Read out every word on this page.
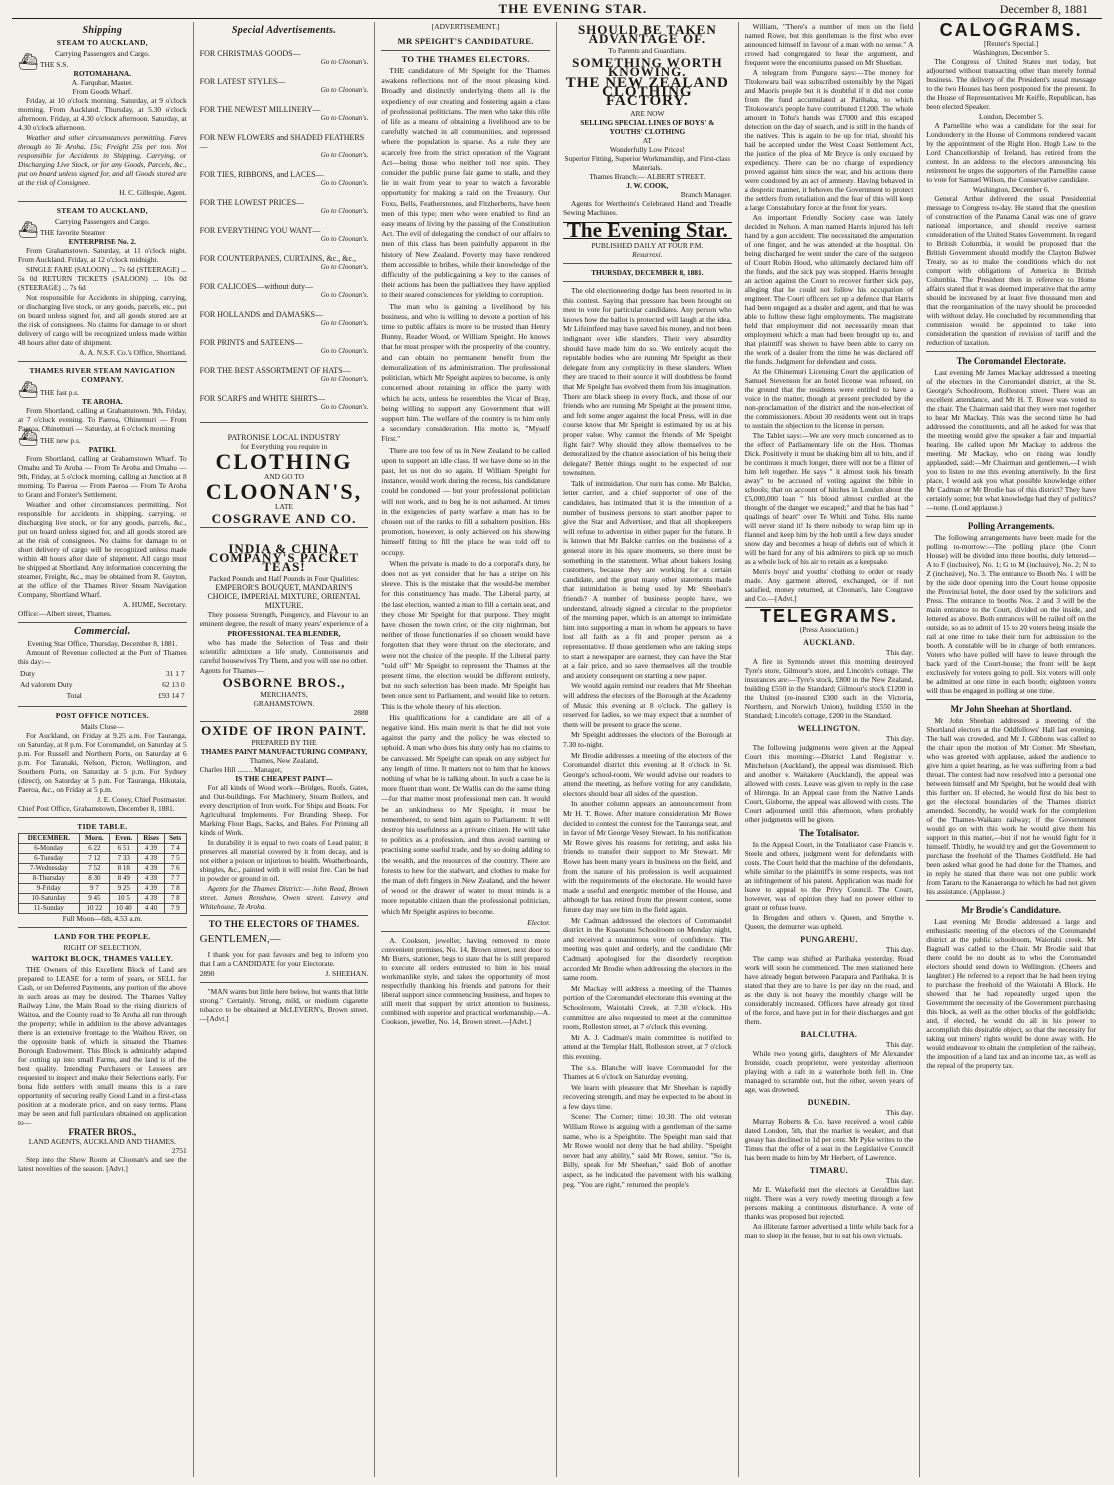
THE EVENING STAR.	December 8, 1881
Shipping
STEAM TO AUCKLAND,
Carrying Passengers and Cargo.
⛴ THE S.S.
ROTOMAHANA.
A. Farquhar, Master.
From Goods Wharf.
Friday, at 10 o'clock morning. Saturday, at 9 o'clock morning. From Auckland. Thursday, at 5.30 o'clock afternoon. Friday, at 4.30 o'clock afternoon. Saturday, at 4.30 o'clock afternoon.
Weather and other circumstances permitting. Fares through to Te Aroha, 15s; Freight 25s per ton. Not responsible for Accidents in Shipping, Carrying, or Discharging Live Stock, or for any Goods, Parcels, &c., put on board unless signed for, and all Goods stored are at the risk of Consignee.
H. C. Gillespie, Agent.
STEAM TO AUCKLAND,
Carrying Passengers and Cargo.
⛴ THE favorite Steamer
ENTERPRISE No. 2.
From Grahamstown. Saturday, at 11 o'clock night. From Auckland. Friday, at 12 o'clock midnight.
SINGLE FARE (SALOON) ... 7s 6d (STEERAGE) ... 5s 0d RETURN TICKETS (SALOON) ... 10s 0d (STEERAGE) ... 7s 6d
Not responsible for Accidents in shipping, carrying, or discharging live stock, or any goods, parcels, etc., put on board unless signed for, and all goods stored are at the risk of consignees. No claims for damage to or short delivery of cargo will be recognized unless made within 48 hours after date of shipment.
A. A. N.S.F. Co.'s Office, Shortland.
THAMES RIVER STEAM NAVIGATION COMPANY.
⛴ THE fast p.s.
TE AROHA.
From Shortland, calling at Grahamstown. 9th, Friday, at 7 o'clock evening. To Paeroa, Ohinemuri — From Paeroa, Ohinemuri — Saturday, at 6 o'clock morning
⛴ THE new p.s.
PATIKI.
From Shortland, calling at Grahamstown Wharf. To Omahu and Te Aroha — From Te Aroha and Omahu — 9th, Friday, at 5 o'clock morning, calling at Junction at 8 morning. To Paeroa — From Paeroa — From Te Aroha to Grant and Forster's Settlement.
Weather and other circumstances permitting. Not responsible for accidents in shipping, carrying, or discharging live stock, or for any goods, parcels, &c., put on board unless signed for, and all goods stored are at the risk of consignees. No claims for damage to or short delivery of cargo will be recognized unless made within 48 hours after date of shipment. All cargo must be shipped at Shortland. Any information concerning the steamer, Freight, &c., may be obtained from R. Guyton, at the office of the Thames River Steam Navigation Company, Shortland Wharf.
A. HUME, Secretary.
Office:—Albert street, Thames.
Commercial.
Evening Star Office, Thursday, December 8, 1881.
Amount of Revenue collected at the Port of Thames this day:—
Duty	31 1 7
Ad valorem Duty	62 13 0
Total	£93 14 7
POST OFFICE NOTICES.
Mails Close—
For Auckland, on Friday at 9.25 a.m. For Tauranga, on Saturday, at 8 p.m. For Coromandel, on Saturday at 5 p.m. For Russell and Northern Ports, on Saturday at 6 p.m. For Taranaki, Nelson, Picton, Wellington, and Southern Ports, on Saturday at 5 p.m. For Sydney (direct), on Saturday at 5 p.m. For Tauranga, Hikutaia, Paeroa, &c., on Friday at 5 p.m.
J. E. Coney, Chief Postmaster.
Chief Post Office, Grahamstown, December 8, 1881.
TIDE TABLE.
DECEMBER.	Morn.	Even.	Rises	Sets
6-Monday	6 22	6 51	4 39	7 4
6-Tuesday	7 12	7 33	4 39	7 5
7-Wednesday	7 52	8 18	4 39	7 6
8-Thursday	8 30	8 49	4 39	7 7
9-Friday	9 7	9 25	4 39	7 8
10-Saturday	9 45	10 5	4 39	7 8
11-Sunday	10 22	10 40	4 40	7 9
Full Moon—6th, 4.53 a.m.
LAND FOR THE PEOPLE.
RIGHT OF SELECTION.
WAITOKI BLOCK, THAMES VALLEY.
THE Owners of this Excellent Block of Land are prepared to LEASE for a term of years, or SELL for Cash, or on Deferred Payments, any portion of the above in such areas as may be desired. The Thames Valley Railway Line, the Main Road to the rising districts of Waitoa, and the County road to Te Aroha all run through the property; while in addition to the above advantages there is an extensive frontage to the Waihou River, on the opposite bank of which is situated the Thames Borough Endowment. This Block is admirably adapted for cutting up into small Farms, and the land is of the best quality. Intending Purchasers or Lessees are requested to inspect and make their Selections early. For bona fide settlers with small means this is a rare opportunity of securing really Good Land in a first-class position at a moderate price, and on easy terms. Plans may be seen and full particulars obtained on application to—
FRATER BROS.,
LAND AGENTS, AUCKLAND AND THAMES.
2751
Step into the Show Room at Cloonan's and see the latest novelties of the season. [Advt.]
Special Advertisements.
FOR CHRISTMAS GOODS—
Go to Cloonan's.
FOR LATEST STYLES—
Go to Cloonan's.
FOR THE NEWEST MILLINERY—
Go to Cloonan's.
FOR NEW FLOWERS and SHADED FEATHERS—
Go to Cloonan's.
FOR TIES, RIBBONS, and LACES—
Go to Cloonan's.
FOR THE LOWEST PRICES—
Go to Cloonan's.
FOR EVERYTHING YOU WANT—
Go to Cloonan's.
FOR COUNTERPANES, CURTAINS, &c., &c.,
Go to Cloonan's.
FOR CALICOES—without duty—
Go to Cloonan's.
FOR HOLLANDS and DAMASKS—
Go to Cloonan's.
FOR PRINTS and SATEENS—
Go to Cloonan's.
FOR THE BEST ASSORTMENT OF HATS—
Go to Cloonan's.
FOR SCARFS and WHITE SHIRTS—
Go to Cloonan's.
PATRONISE LOCAL INDUSTRY
for Everything you require in
CLOTHING
AND GO TO
CLOONAN'S,
LATE
COSGRAVE AND CO.
INDIA & CHINA COMPANY'S PACKET TEAS!
Packed Pounds and Half Pounds in Four Qualities:
EMPEROR'S BOUQUET, MANDARIN'S CHOICE, IMPERIAL MIXTURE, ORIENTAL MIXTURE.
They possess Strength, Pungency, and Flavour to an eminent degree, the result of many years' experience of a
PROFESSIONAL TEA BLENDER,
who has made the Selection of Teas and their scientific admixture a life study. Connoisseurs and careful housewives Try Them, and you will use no other.
Agents for Thames—
OSBORNE BROS.,
MERCHANTS,
GRAHAMSTOWN.
2888
OXIDE OF IRON PAINT.
PREPARED BY THE
THAMES PAINT MANUFACTURING COMPANY,
Thames, New Zealand,
Charles Hill ........ Manager,
IS THE CHEAPEST PAINT—
For all kinds of Wood work—Bridges, Roofs, Gates, and Out-buildings. For Machinery, Steam Boilers, and every description of Iron work. For Ships and Boats. For Agricultural Implements. For Branding Sheep. For Marking Flour Bags, Sacks, and Bales. For Priming all kinds of Work.
In durability it is equal to two coats of Lead paint; it preserves all material covered by it from decay, and is not either a poison or injurious to health. Weatherboards, shingles, &c., painted with it will resist fire. Can be had in powder or ground in oil.
Agents for the Thames District:— John Read, Brown street. James Renshaw, Owen street. Lavery and Whitehouse, Te Aroha.
TO THE ELECTORS OF THAMES.
GENTLEMEN,—
I thank you for past favours and beg to inform you that I am a CANDIDATE for your Electorate.
2890	J. SHEEHAN.
"MAN wants but little here below, but wants that little strong." Certainly. Strong, mild, or medium cigarette tobacco to be obtained at McLEVERN's, Brown street.—[Advt.]
[ADVERTISEMENT.]
MR SPEIGHT'S CANDIDATURE.
TO THE THAMES ELECTORS.
THE candidature of Mr Speight for the Thames awakens reflections not of the most pleasing kind. Broadly and distinctly underlying them all is the expediency of our creating and fostering again a class of professional politicians. The men who take this rôle of life as a means of obtaining a livelihood are to be carefully watched in all communities, and repressed where the population is sparse. As a rule they are scarcely free from the strict operation of the Vagrant Act—being those who neither toil nor spin. They consider the public purse fair game to stalk, and they lie in wait from year to year to watch a favorable opportunity for making a raid on the Treasury. Our Foxs, Bells, Featherstones, and Fitzherberts, have been men of this type; men who were enabled to find an easy means of living by the passing of the Constitution Act. The evil of delegating the conduct of our affairs to men of this class has been painfully apparent in the history of New Zealand. Poverty may have rendered them accessible to bribes, while their knowledge of the difficulty of the publicgaining a key to the causes of their actions has been the palliatives they have applied to their seared consciences for yielding to corruption.
The man who is gaining a livelihood by his business, and who is willing to devote a portion of his time to public affairs is more to be trusted than Henry Bunny, Reader Wood, or William Speight. He knows that he must prosper with the prosperity of the country, and can obtain no permanent benefit from the demoralization of its administration. The professional politician, which Mr Speight aspires to become, is only concerned about retaining in office the party with which he acts, unless he resembles the Vicar of Bray, being willing to support any Government that will support him. The welfare of the country is to him only a secondary consideration. His motto is, "Myself First."
There are too few of us in New Zealand to be called upon to support an idle class. If we have done so in the past, let us not do so again. If William Speight for instance, would work during the recess, his candidature could be condoned — but your professional politician will not work, and to beg he is not ashamed. At times in the exigencies of party warfare a man has to be chosen out of the ranks to fill a subaltern position. His promotion, however, is only achieved on his showing himself fitting to fill the place he was told off to occupy.
When the private is made to do a corporal's duty, he does not as yet consider that he has a stripe on his sleeve. This is the mistake that the would-be member for this constituency has made. The Liberal party, at the last election, wanted a man to fill a certain seat, and they chose Mr Speight for that purpose. They might have chosen the town crier, or the city nightman, but neither of those functionaries if so chosen would have forgotten that they were thrust on the electorate, and were not the choice of the people. If the Liberal party "told off" Mr Speight to represent the Thames at the present time, the election would be different entirely, but no such selection has been made. Mr Speight has been once sent to Parliament, and would like to return. This is the whole theory of his election.
His qualifications for a candidate are all of a negative kind. His main merit is that he did not vote against the party and the policy he was elected to uphold. A man who does his duty only has no claims to be canvassed. Mr Speight can speak on any subject for any length of time. It matters not to him that he knows nothing of what he is talking about. In such a case he is more fluent than wont. Dr Wallis can do the same thing—for that matter most professional men can. It would be an unkindness to Mr Speight, it must be remembered, to send him again to Parliament. It will destroy his usefulness as a private citizen. He will take to politics as a profession, and thus avoid earning or practising some useful trade, and by so doing adding to the wealth, and the resources of the country. There are forests to hew for the stalwart, and clothes to make for the man of deft fingers in New Zealand, and the hewer of wood or the drawer of water to most minds is a more reputable citizen than the professional politician, which Mr Speight aspires to become.
Elector.
A. Cookson, jeweller, having removed to more convenient premises, No. 14, Brown street, next door to Mr Burrs, stationer, begs to state that he is still prepared to execute all orders entrusted to him in his usual workmanlike style, and takes the opportunity of most respectfully thanking his friends and patrons for their liberal support since commencing business, and hopes to still merit that support by strict attention to business, combined with superior and practical workmanship.—A. Cookson, jeweller, No. 14, Brown street.—[Advt.]
SHOULD BE TAKEN ADVANTAGE OF.
To Parents and Guardians.
SOMETHING WORTH KNOWING.
THE NEW ZEALAND CLOTHING FACTORY.
ARE NOW
SELLING SPECIAL LINES OF BOYS' & YOUTHS' CLOTHING
AT
Wonderfully Low Prices!
Superior Fitting, Superior Workmanship, and First-class Materials.
Thames Branch:— ALBERT STREET.
J. W. COOK,
Branch Manager.
Agents for Wertheim's Celebrated Hand and Treadle Sewing Machines.
The Evening Star.
PUBLISHED DAILY AT FOUR P.M.
Resurrexi.
THURSDAY, DECEMBER 8, 1881.
The old electioneering dodge has been resorted to in this contest. Saying that pressure has been brought on men to vote for particular candidates. Any person who knows how the ballot is protected will laugh at the idea. Mr Lifeintfeed may have saved his money, and not been indignant over idle slanders. Their very absurdity should have made him do so. We entirely acquit the reputable bodies who are running Mr Speight as their delegate from any complicity in these slanders. When they are traced to their source it will doubtless be found that Mr Speight has evolved them from his imagination. There are black sheep in every flock, and those of our friends who are running Mr Speight at the present time, and felt some anger against the local Press, will in due course know that Mr Speight is estimated by us at his proper value. Why cannot the friends of Mr Speight fight fair? Why should they allow themselves to be demoralized by the chance association of his being their delegate? Better things ought to be expected of our townsmen.
Talk of intimidation. Our turn has come. Mr Balcke, letter carrier, and a chief supporter of one of the candidates, has intimated that it is the intention of a number of business persons to start another paper to give the Star and Advertiser, and that all shopkeepers will refuse to advertise in either paper for the future. It is known that Mr Balcke carries on the business of a general store in his spare moments, so there must be something in the statement. What about bakers losing customers, because they are working for a certain candidate, and the great many other statements made that intimidation is being used by Mr Sheehan's friends? A number of business people have, we understand, already signed a circular to the proprietor of the morning paper, which is an attempt to intimidate him into supporting a man in whom he appears to have lost all faith as a fit and proper person as a representative. If those gentlemen who are taking steps to start a newspaper are earnest, they can have the Star at a fair price, and so save themselves all the trouble and anxiety consequent on starting a new paper.
We would again remind our readers that Mr Sheehan will address the electors of the Borough at the Academy of Music this evening at 8 o'clock. The gallery is reserved for ladies, so we may expect that a number of them will be present to grace the scene.
Mr Speight addresses the electors of the Borough at 7.30 to-night.
Mr Brodie addresses a meeting of the electors of the Coromandel district this evening at 8 o'clock in St. George's school-room. We would advise our readers to attend the meeting, as before voting for any candidate, electors should hear all sides of the question.
In another column appears an announcement from Mr H. T. Rowe. After mature consideration Mr Rowe decided to contest the contest for the Tauranga seat, and in favor of Mr George Vesey Stewart. In his notification Mr Rowe gives his reasons for retiring, and asks his friends to transfer their support to Mr Stewart. Mr Rowe has been many years in business on the field, and from the nature of his profession is well acquainted with the requirements of the electorate. He would have made a useful and energetic member of the House, and although he has retired from the present contest, some future day may see him in the field again.
Mr Cadman addressed the electors of Coromandel district in the Kuaotunu Schoolroom on Monday night, and received a unanimous vote of confidence. The meeting was quiet and orderly, and the candidate (Mr Cadman) apologised for the disorderly reception accorded Mr Brodie when addressing the electors in the same room.
Mr Mackay will address a meeting of the Thames portion of the Coromandel electorate this evening at the Schoolroom, Waiotahi Creek, at 7.30 o'clock. His committee are also requested to meet at the committee room, Rolleston street, at 7 o'clock this evening.
Mr A. J. Cadman's main committee is notified to attend at the Templar Hall, Rolleston street, at 7 o'clock this evening.
The s.s. Blanche will leave Coromandel for the Thames at 6 o'clock on Saturday evening.
We learn with pleasure that Mr Sheehan is rapidly recovering strength, and may be expected to be about in a few days time.
Scene: The Corner; time: 10.30. The old veteran William Rowe is arguing with a gentleman of the same name, who is a Speightite. The Speight man said that Mr Rowe would not deny that he had ability. "Speight never had any ability," said Mr Rowe, senior. "So is, Billy, speak for Mr Sheehan," said Bob of another aspect, as he indicated the pavement with his walking peg. "You are right," returned the people's
William, "There's a number of men on the field named Rowe, but this gentleman is the first who ever announced himself in favour of a man with no sense." A crowd had congregated to hear the argument, and frequent were the encomiums passed on Mr Sheehan.
A telegram from Punguru says:—The money for Titokowaru bail was subscribed ostensibly by the Ngati and Maoris people but it is doubtful if it did not come from the fund accumulated at Parihaka, to which Titokowaru's people have contributed £1200. The whole amount in Tohu's hands was £7000 and this escaped detection on the day of search, and is still in the hands of the natives. This is again to be up for trial, should his bail be accepted under the West Coast Settlement Act, the justice of the plea of Mr Bryce is only excused by expediency. There can be no charge of expediency proved against him since the war, and his actions there were condoned by an act of amnesty. Having behaved in a despotic manner, it behoves the Government to protect the settlers from retaliation and the fear of this will keep a large Constabulary force at the front for years.
An important Friendly Society case was lately decided in Nelson. A man named Harris injured his left hand by a gun accident. The necessitated the amputation of one finger, and he was attended at the hospital. On being discharged he went under the care of the surgeon of Court Robin Hood, who ultimately declared him off the funds, and the sick pay was stopped. Harris brought an action against the Court to recover further sick pay, alleging that he could not follow his occupation of engineer. The Court officers set up a defence that Harris had been engaged as a dealer and agent, and that he was able to follow these light employments. The magistrate held that employment did not necessarily mean that employment which a man had been brought up to, and that plaintiff was shown to have been able to carry on the work of a dealer from the time he was declared off the funds. Judgment for defendant and costs.
At the Ohinemuri Licensing Court the application of Samuel Stevenson for an hotel license was refused, on the ground that the residents were entitled to have a voice in the matter, though at present precluded by the non-proclamation of the district and the non-election of the commissioners. About 30 residents went out in traps to sustain the objection to the license in person.
The Tablet says:—We are very much concerned as to the effect of Parliamentary life on the Hon. Thomas Dick. Positively it must be shaking him all to bits, and if he continues it much longer, there will not be a flitter of him left together. He says " it almost took his breath away" to be accused of voting against the bible in schools; that on account of hitches in London about the £5,000,000 loan " his blood almost curdled at the thought of the danger we escaped;" and that he has had " qualings of heart" over Te Whiti and Tohu. His name will never stand it! Is there nobody to wrap him up in flannel and keep him by the hob until a few days snuder snow day and becomes a heap of debris out of which it will be hard for any of his admirers to pick up so much as a whole lock of his air to retain as a keepsake.
Men's boys' and youths' clothing to order or ready made. Any garment altered, exchanged, or if not satisfied, money returned, at Cloonan's, late Cosgrave and Co.—[Advt.]
TELEGRAMS.
(Press Association.)
AUCKLAND.
This day.
A fire in Symonds street this morning destroyed Tyre's store, Gilmour's store, and Lincoln's cottage. The insurances are:—Tyre's stock, £800 in the New Zealand, building £550 in the Standard; Gilmour's stock £1200 in the United (re-insured £300 each in the Victoria, Northern, and Norwich Union), building £550 in the Standard; Lincoln's cottage, £200 in the Standard.
WELLINGTON.
This day.
The following judgments were given at the Appeal Court this morning:—District Land Registrar v. Mitchelson (Auckland), the appeal was dismissed. Rich and another v. Waitakere (Auckland), the appeal was allowed with costs. Leave was given to reply in the case of Hironga. In an Appeal case from the Native Lands Court, Gisborne, the appeal was allowed with costs. The Court adjourned until this afternoon, when probably other judgments will be given.
The Totalisator.
In the Appeal Court, in the Totalisator case Francis v. Steele and others, judgment went for defendants with costs. The Court held that the machine of the defendants, while similar to the plaintiff's in some respects, was not an infringement of his patent. Application was made for leave to appeal to the Privy Council. The Court, however, was of opinion they had no power either to grant or refuse leave.
In Brogden and others v. Queen, and Smythe v. Queen, the demurrer was upheld.
PUNGAREHU.
This day.
The camp was shifted at Parihaka yesterday. Road work will soon be commenced. The men stationed here have already begun between Parapara and Parihaka. It is stated that they are to have 1s per day on the road, and as the duty is not heavy the monthly charge will be considerably increased. Officers have already got tired of the force, and have put in for their discharges and got them.
BALCLUTHA.
This day.
While two young girls, daughters of Mr Alexander Ironside, coach proprietor, were yesterday afternoon playing with a raft in a waterhole both fell in. One managed to scramble out, but the other, seven years of age, was drowned.
DUNEDIN.
This day.
Murray Roberts & Co. have received a wool cable dated London, 5th, that the market is weaker, and that greasy has declined to 1d per cent. Mr Pyke writes to the Times that the offer of a seat in the Legislative Council has been made to him by Mr Herbert, of Lawrence.
TIMARU.
This day.
Mr E. Wakefield met the electors at Geraldine last night. There was a very rowdy meeting through a few persons making a continuous disturbance. A vote of thanks was proposed but rejected.
An illiterate farmer advertised a little while back for a man to sleep in the house, but to eat his own victuals.
CALOGRAMS.
[Reuter's Special.]
Washington, December 5.
The Congress of United States met today, but adjourned without transacting other than merely formal business. The delivery of the President's usual message to the two Houses has been postponed for the present. In the House of Representatives Mr Keiffe, Republican, has been elected Speaker.
London, December 5.
A Parnellite who was a candidate for the seat for Londonderry in the House of Commons rendered vacant by the appointment of the Right Hon. Hugh Law to the Lord Chancellorship of Ireland, has retired from the contest. In an address to the electors announcing his retirement he urges the supporters of the Parnellite cause to vote for Samuel Wilson, the Conservative candidate.
Washington, December 6.
General Arthur delivered the usual Presidential message to Congress to-day. He stated that the question of construction of the Panama Canal was one of grave national importance, and should receive earnest consideration of the United States Government. In regard to British Columbia, it would be proposed that the British Government should modify the Clayton Bulwer Treaty, so as to make the conditions which do not comport with obligations of America in British Columbia. The President then in reference to Home affairs stated that it was deemed imperative that the army should be increased by at least five thousand men and that the reorganisation of the navy should be proceeded with without delay. He concluded by recommending that commission would be appointed to take into consideration the question of revision of tariff and the reduction of taxation.
The Coromandel Electorate.
Last evening Mr James Mackay addressed a meeting of the electors in the Coromandel district, at the St. George's Schoolroom, Rolleston street. There was an excellent attendance, and Mr H. T. Rowe was voted to the chair. The Chairman said that they were met together to hear Mr Mackay. This was the second time he had addressed the constituents, and all he asked for was that the meeting would give the speaker a fair and impartial hearing. He called upon Mr Mackay to address the meeting. Mr Mackay, who on rising was loudly applauded, said:—Mr Chairman and gentlemen,—I wish you to listen to me this evening attentively. In the first place, I would ask you what possible knowledge either Mr Cadman or Mr Brodie has of this district? They have certainly some; but what knowledge had they of politics? —none. (Loud applause.)
Polling Arrangements.
The following arrangements have been made for the polling to-morrow:—The polling place (the Court House) will be divided into three booths, duly lettered—A to F (inclusive), No. 1; G to M (inclusive), No. 2; N to Z (inclusive), No. 3. The entrance to Booth No. 1 will be by the side door opening into the Court house opposite the Provincial hotel, the door used by the solicitors and Press. The entrance to booths Nos. 2 and 3 will be the main entrance to the Court, divided on the inside, and lettered as above. Both entrances will be railed off on the outside, so as to admit of 15 to 20 voters being inside the rail at one time to take their turn for admission to the booth. A constable will be in charge of both entrances. Voters who have polled will have to leave through the back yard of the Court-house; the front will be kept exclusively for voters going to poll. Six voters will only be admitted at one time in each booth; eighteen voters will thus be engaged in polling at one time.
Mr John Sheehan at Shortland.
Mr John Sheehan addressed a meeting of the Shortland electors at the Oddfellows' Hall last evening. The hall was crowded, and Mr J. Gibbons was called to the chair upon the motion of Mr Comer. Mr Sheehan, who was greeted with applause, asked the audience to give him a quiet hearing, as he was suffering from a bad throat. The contest had now resolved into a personal one between himself and Mr Speight, but he would deal with this further on. If elected, he would first do his best to get the electoral boundaries of the Thames district amended. Secondly, he would work for the completion of the Thames-Waikato railway; if the Government would go on with this work he would give them his support in this matter,—but if not he would fight for it himself. Thirdly, he would try and get the Government to purchase the freehold of the Thames Goldfield. He had been asked what good he had done for the Thames, and in reply he stated that there was not one public work from Tararu to the Kauaeranga to which he had not given his assistance. (Applause.)
Mr Brodie's Candidature.
Last evening Mr Brodie addressed a large and enthusiastic meeting of the electors of the Coromandel district at the public schoolroom, Waiotahi creek. Mr Bagnall was called to the Chair. Mr Brodie said that there could be no doubt as to who the Coromandel electors should send down to Wellington. (Cheers and laughter.) He referred to a report that he had been trying to purchase the freehold of the Waiotahi A Block. He showed that he had repeatedly urged upon the Government the necessity of the Government purchasing this block, as well as the other blocks of the goldfields; and, if elected, he would do all in his power to accomplish this desirable object, so that the necessity for taking out miners' rights would be done away with. He would endeavour to obtain the completion of the railway, the imposition of a land tax and an income tax, as well as the repeal of the property tax.
